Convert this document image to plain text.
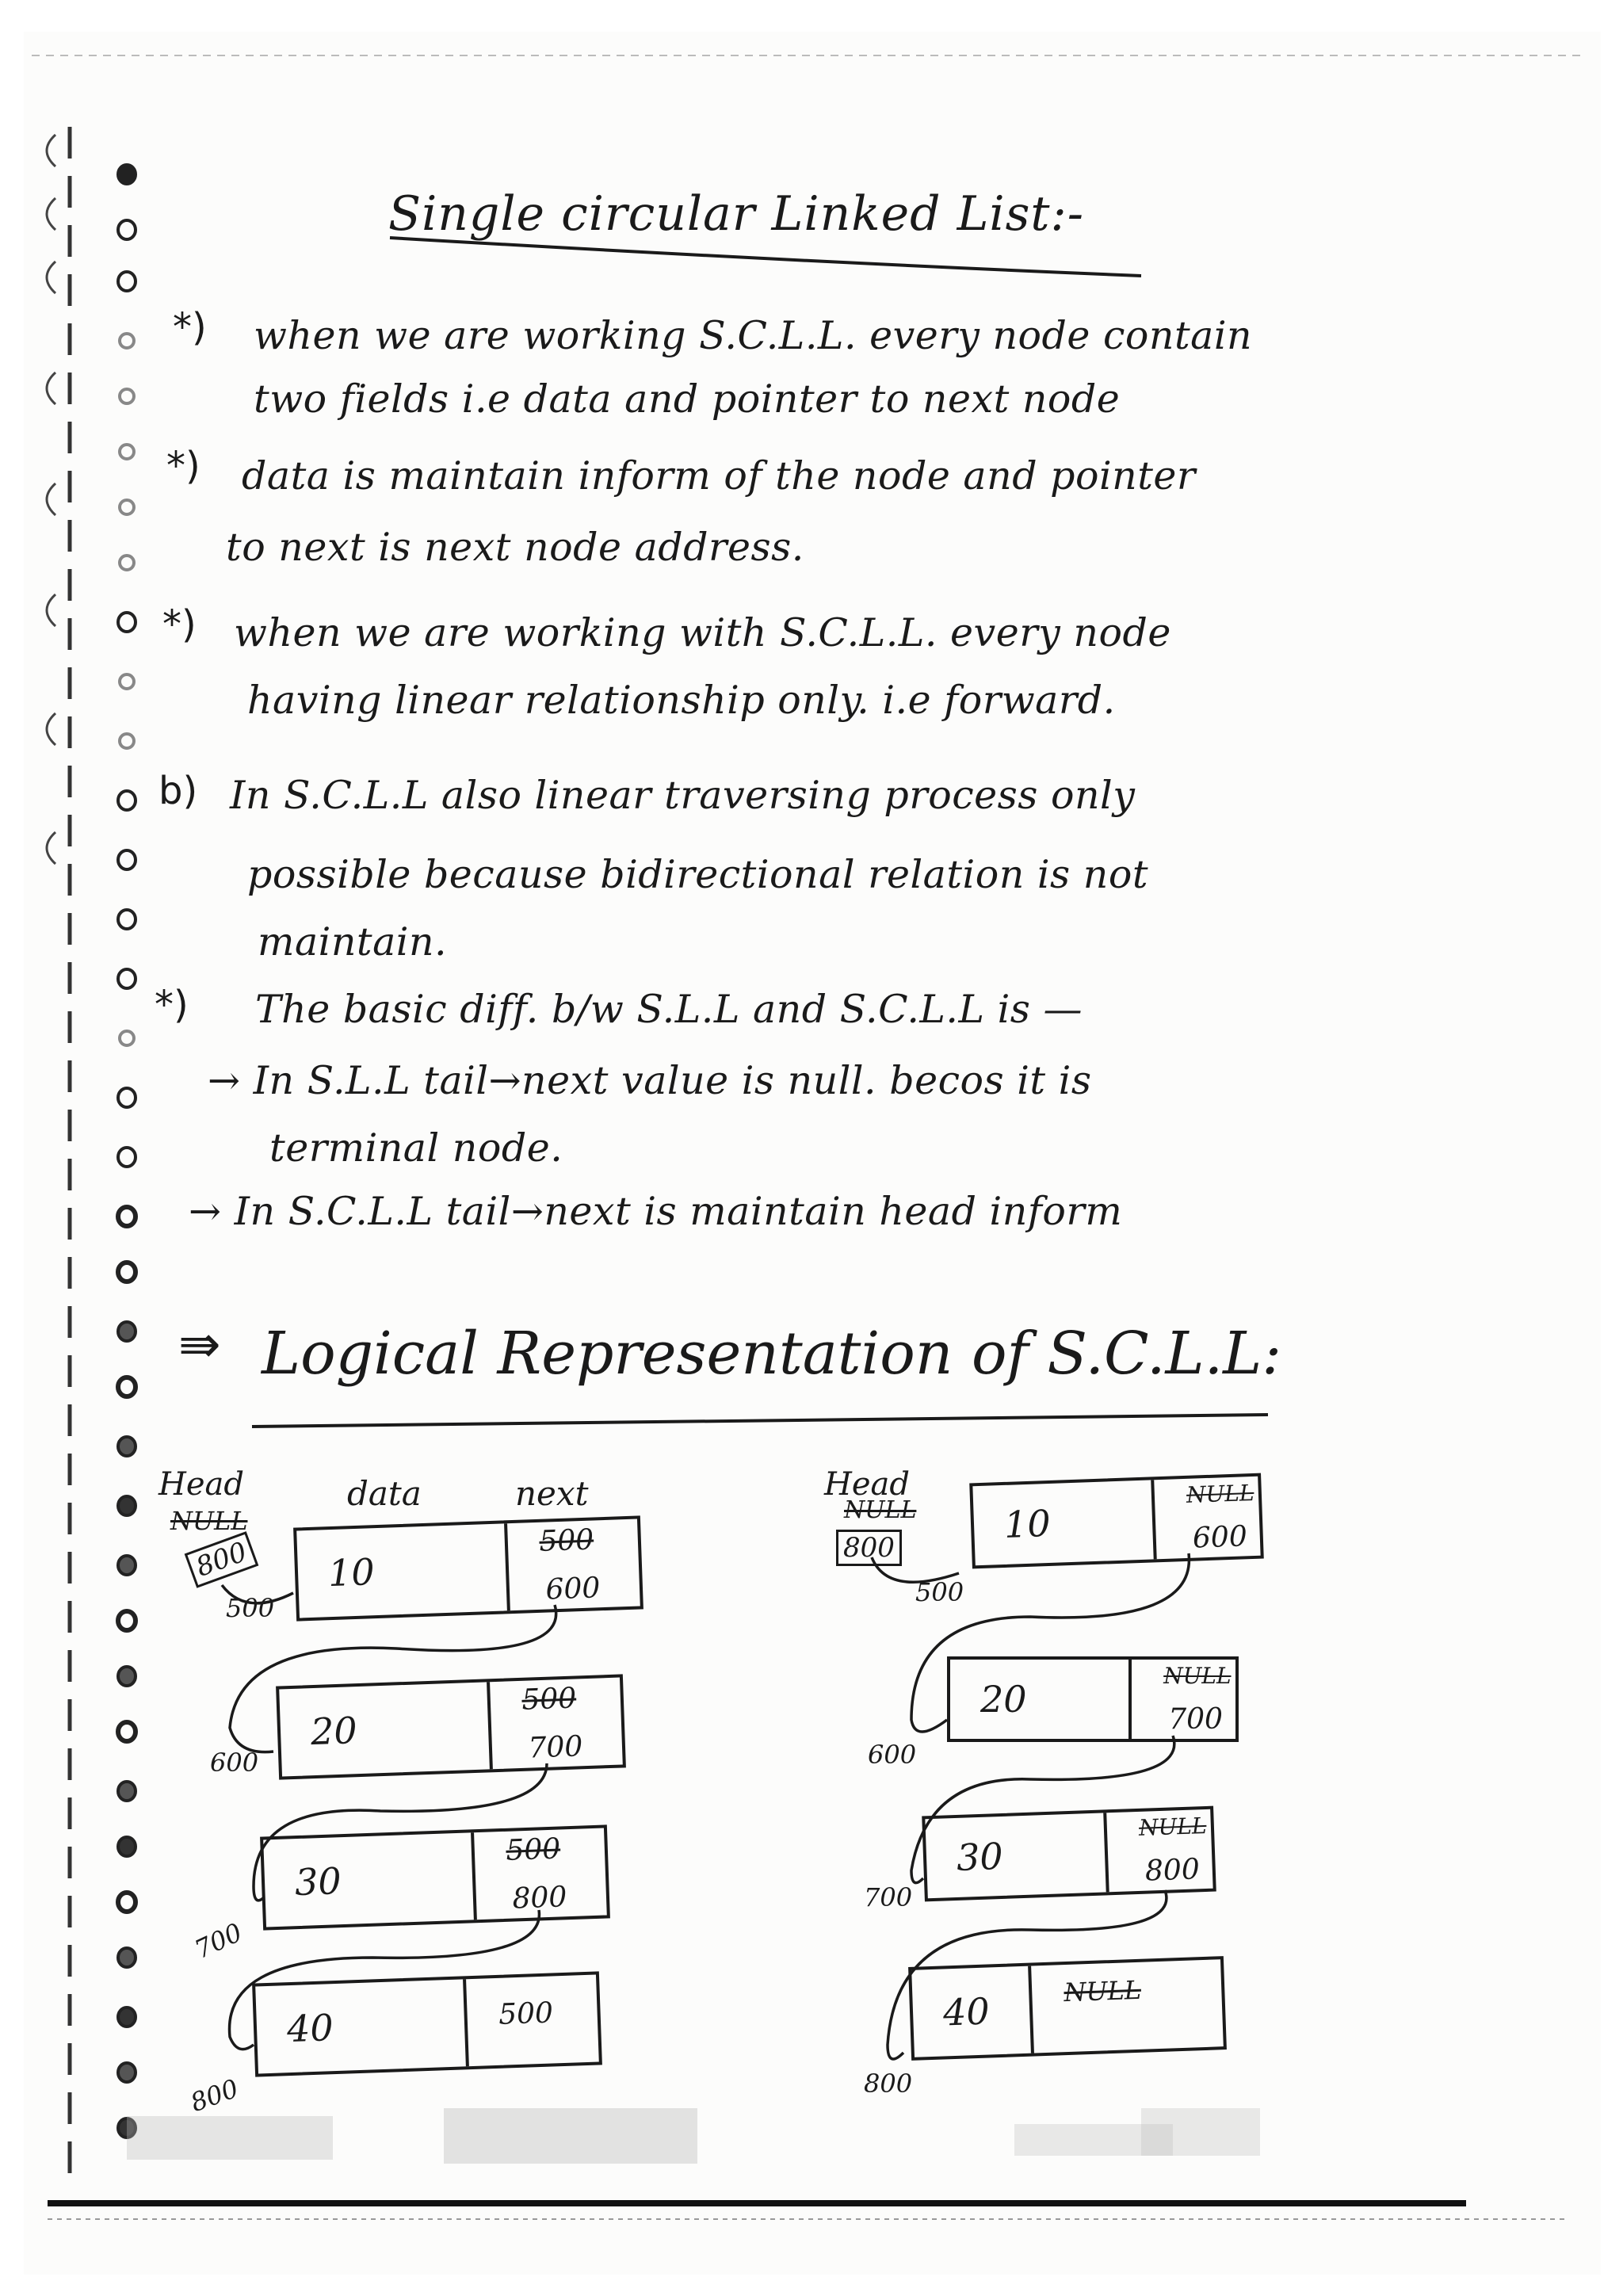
Single circular Linked List:-
*) when we are working S.C.L.L. every node contain
two fields i.e data and pointer to next node
*) data is maintain inform of the node and pointer
to next is next node address.
*) when we are working with S.C.L.L. every node
having linear relationship only. i.e forward.
b) In S.C.L.L also linear traversing process only
possible because bidirectional relation is not
maintain.
*) The basic diff. b/w S.L.L and S.C.L.L is —
→ In S.L.L tail→next value is null. becos it is
terminal node.
→ In S.C.L.L tail→next is maintain head inform
⇛ Logical Representation of S.C.L.L:
Head
NULL
800
500
data	next
10
500
600
20
500
700
600
30
500
800
700
40	500
800
Head
NULL
800
500
10
NULL
600
20
NULL
700
600
30
NULL
800
700
40	NULL
800
